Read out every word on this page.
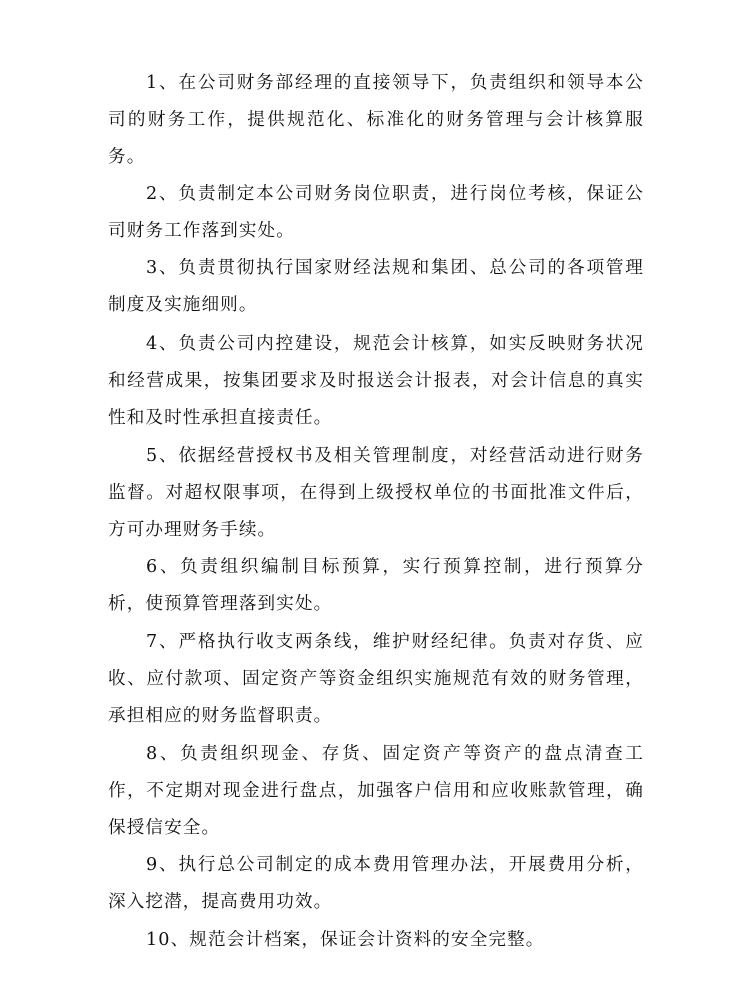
1、在公司财务部经理的直接领导下，负责组织和领导本公司的财务工作，提供规范化、标准化的财务管理与会计核算服务。

2、负责制定本公司财务岗位职责，进行岗位考核，保证公司财务工作落到实处。

3、负责贯彻执行国家财经法规和集团、总公司的各项管理制度及实施细则。

4、负责公司内控建设，规范会计核算，如实反映财务状况和经营成果，按集团要求及时报送会计报表，对会计信息的真实性和及时性承担直接责任。

5、依据经营授权书及相关管理制度，对经营活动进行财务监督。对超权限事项，在得到上级授权单位的书面批准文件后，方可办理财务手续。

6、负责组织编制目标预算，实行预算控制，进行预算分析，使预算管理落到实处。

7、严格执行收支两条线，维护财经纪律。负责对存货、应收、应付款项、固定资产等资金组织实施规范有效的财务管理，承担相应的财务监督职责。

8、负责组织现金、存货、固定资产等资产的盘点清查工作，不定期对现金进行盘点，加强客户信用和应收账款管理，确保授信安全。

9、执行总公司制定的成本费用管理办法，开展费用分析，深入挖潜，提高费用功效。

10、规范会计档案，保证会计资料的安全完整。
